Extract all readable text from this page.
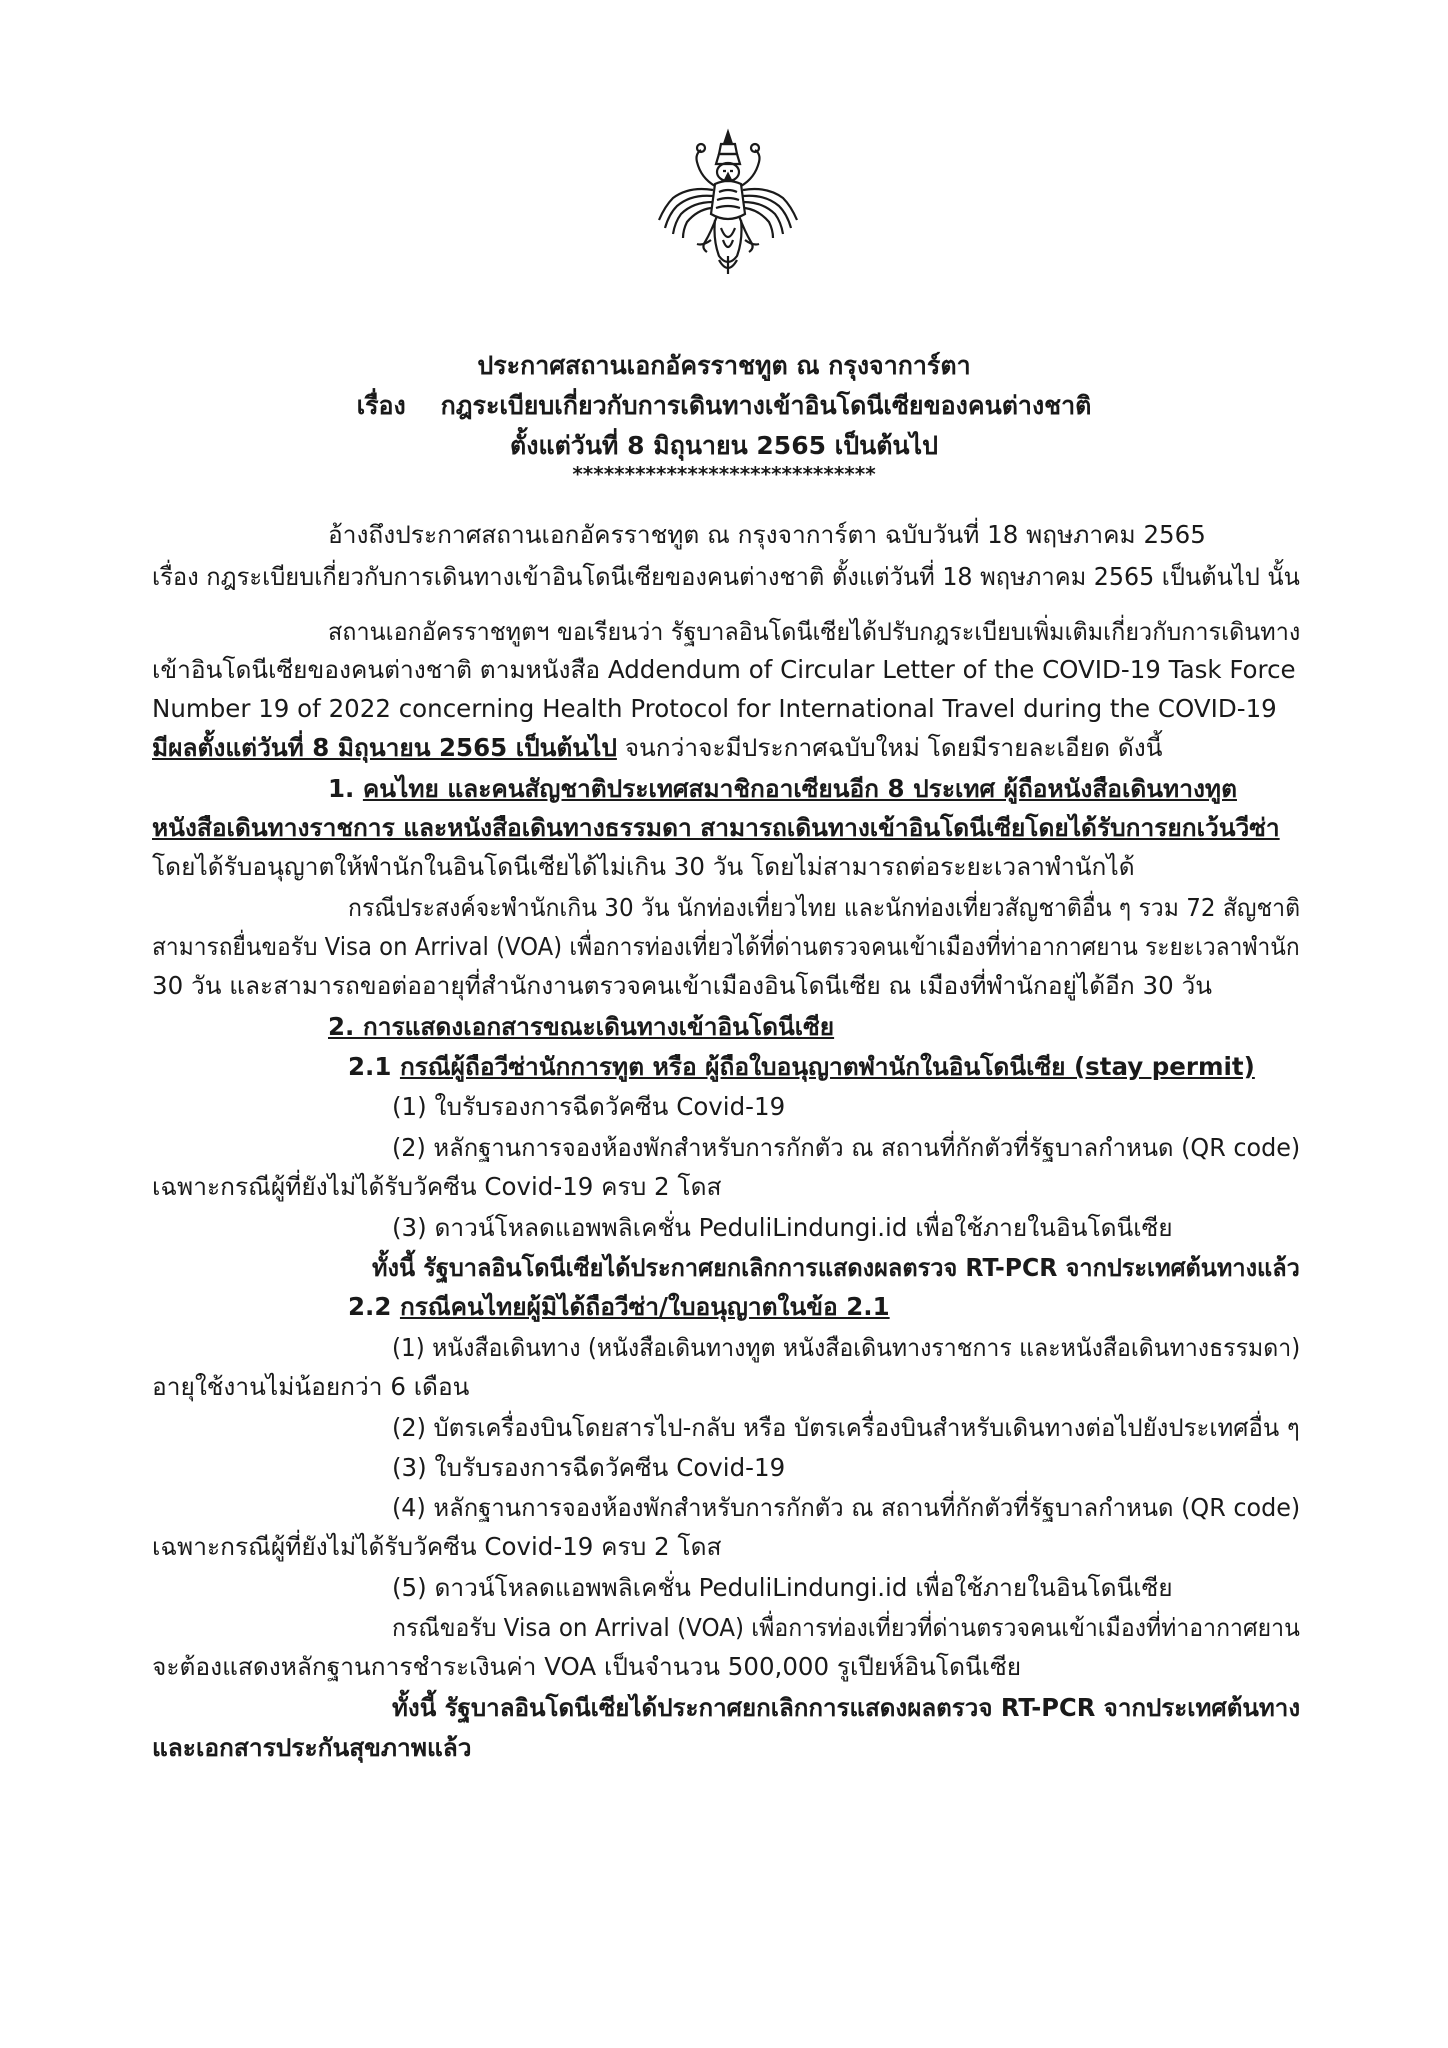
ประกาศสถานเอกอัครราชทูต ณ กรุงจาการ์ตา
เรื่อง กฎระเบียบเกี่ยวกับการเดินทางเข้าอินโดนีเซียของคนต่างชาติ
ตั้งแต่วันที่ 8 มิถุนายน 2565 เป็นต้นไป
*****************************
อ้างถึงประกาศสถานเอกอัครราชทูต ณ กรุงจาการ์ตา ฉบับวันที่ 18 พฤษภาคม 2565
เรื่อง กฎระเบียบเกี่ยวกับการเดินทางเข้าอินโดนีเซียของคนต่างชาติ ตั้งแต่วันที่ 18 พฤษภาคม 2565 เป็นต้นไป นั้น
สถานเอกอัครราชทูตฯ ขอเรียนว่า รัฐบาลอินโดนีเซียได้ปรับกฎระเบียบเพิ่มเติมเกี่ยวกับการเดินทาง
เข้าอินโดนีเซียของคนต่างชาติ ตามหนังสือ Addendum of Circular Letter of the COVID-19 Task Force
Number 19 of 2022 concerning Health Protocol for International Travel during the COVID-19
มีผลตั้งแต่วันที่ 8 มิถุนายน 2565 เป็นต้นไป จนกว่าจะมีประกาศฉบับใหม่ โดยมีรายละเอียด ดังนี้
1. คนไทย และคนสัญชาติประเทศสมาชิกอาเซียนอีก 8 ประเทศ ผู้ถือหนังสือเดินทางทูต
หนังสือเดินทางราชการ และหนังสือเดินทางธรรมดา สามารถเดินทางเข้าอินโดนีเซียโดยได้รับการยกเว้นวีซ่า
โดยได้รับอนุญาตให้พำนักในอินโดนีเซียได้ไม่เกิน 30 วัน โดยไม่สามารถต่อระยะเวลาพำนักได้
กรณีประสงค์จะพำนักเกิน 30 วัน นักท่องเที่ยวไทย และนักท่องเที่ยวสัญชาติอื่น ๆ รวม 72 สัญชาติ
สามารถยื่นขอรับ Visa on Arrival (VOA) เพื่อการท่องเที่ยวได้ที่ด่านตรวจคนเข้าเมืองที่ท่าอากาศยาน ระยะเวลาพำนัก
30 วัน และสามารถขอต่ออายุที่สำนักงานตรวจคนเข้าเมืองอินโดนีเซีย ณ เมืองที่พำนักอยู่ได้อีก 30 วัน
2. การแสดงเอกสารขณะเดินทางเข้าอินโดนีเซีย
2.1 กรณีผู้ถือวีซ่านักการทูต หรือ ผู้ถือใบอนุญาตพำนักในอินโดนีเซีย (stay permit)
(1) ใบรับรองการฉีดวัคซีน Covid-19
(2) หลักฐานการจองห้องพักสำหรับการกักตัว ณ สถานที่กักตัวที่รัฐบาลกำหนด (QR code)
เฉพาะกรณีผู้ที่ยังไม่ได้รับวัคซีน Covid-19 ครบ 2 โดส
(3) ดาวน์โหลดแอพพลิเคชั่น PeduliLindungi.id เพื่อใช้ภายในอินโดนีเซีย
ทั้งนี้ รัฐบาลอินโดนีเซียได้ประกาศยกเลิกการแสดงผลตรวจ RT-PCR จากประเทศต้นทางแล้ว
2.2 กรณีคนไทยผู้มิได้ถือวีซ่า/ใบอนุญาตในข้อ 2.1
(1) หนังสือเดินทาง (หนังสือเดินทางทูต หนังสือเดินทางราชการ และหนังสือเดินทางธรรมดา)
อายุใช้งานไม่น้อยกว่า 6 เดือน
(2) บัตรเครื่องบินโดยสารไป-กลับ หรือ บัตรเครื่องบินสำหรับเดินทางต่อไปยังประเทศอื่น ๆ
(3) ใบรับรองการฉีดวัคซีน Covid-19
(4) หลักฐานการจองห้องพักสำหรับการกักตัว ณ สถานที่กักตัวที่รัฐบาลกำหนด (QR code)
เฉพาะกรณีผู้ที่ยังไม่ได้รับวัคซีน Covid-19 ครบ 2 โดส
(5) ดาวน์โหลดแอพพลิเคชั่น PeduliLindungi.id เพื่อใช้ภายในอินโดนีเซีย
กรณีขอรับ Visa on Arrival (VOA) เพื่อการท่องเที่ยวที่ด่านตรวจคนเข้าเมืองที่ท่าอากาศยาน
จะต้องแสดงหลักฐานการชำระเงินค่า VOA เป็นจำนวน 500,000 รูเปียห์อินโดนีเซีย
ทั้งนี้ รัฐบาลอินโดนีเซียได้ประกาศยกเลิกการแสดงผลตรวจ RT-PCR จากประเทศต้นทาง
และเอกสารประกันสุขภาพแล้ว
